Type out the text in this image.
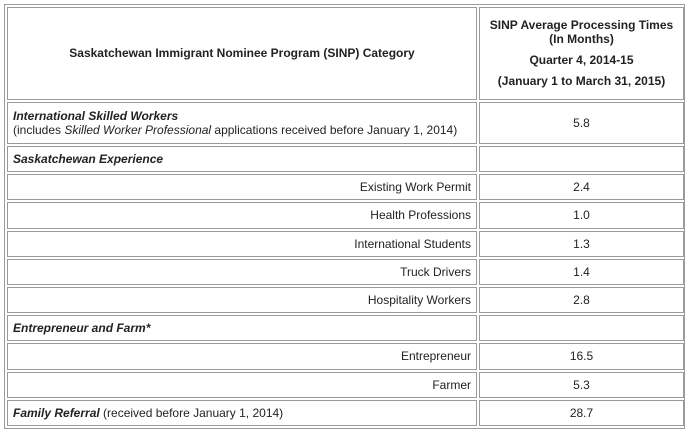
Saskatchewan Immigrant Nominee Program (SINP) Category	SINP Average Processing Times
(In Months)
Quarter 4, 2014-15
(January 1 to March 31, 2015)

International Skilled Workers
(includes Skilled Worker Professional applications received before January 1, 2014)	5.8
Saskatchewan Experience	
Existing Work Permit	2.4
Health Professions	1.0
International Students	1.3
Truck Drivers	1.4
Hospitality Workers	2.8
Entrepreneur and Farm*	
Entrepreneur	16.5
Farmer	5.3
Family Referral (received before January 1, 2014)	28.7
